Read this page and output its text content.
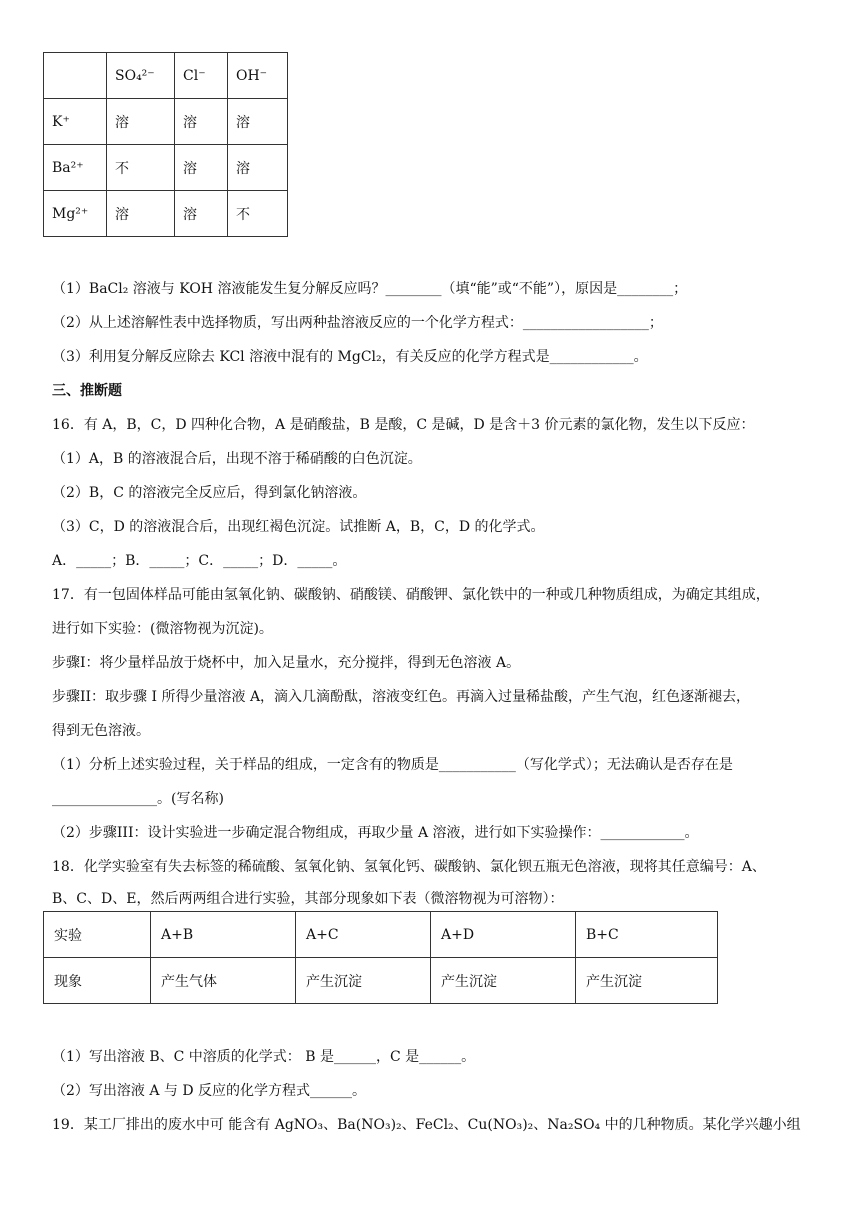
	SO₄²⁻	Cl⁻	OH⁻
K⁺	溶	溶	溶
Ba²⁺	不	溶	溶
Mg²⁺	溶	溶	不
（1）BaCl₂ 溶液与 KOH 溶液能发生复分解反应吗？________（填“能”或“不能”），原因是________；
（2）从上述溶解性表中选择物质，写出两种盐溶液反应的一个化学方程式：__________________；
（3）利用复分解反应除去 KCl 溶液中混有的 MgCl₂，有关反应的化学方程式是____________。
三、推断题
16．有 A，B，C，D 四种化合物，A 是硝酸盐，B 是酸，C 是碱，D 是含＋3 价元素的氯化物，发生以下反应：
（1）A，B 的溶液混合后，出现不溶于稀硝酸的白色沉淀。
（2）B，C 的溶液完全反应后，得到氯化钠溶液。
（3）C，D 的溶液混合后，出现红褐色沉淀。试推断 A，B，C，D 的化学式。
A．_____；B．_____；C．_____；D．_____。
17．有一包固体样品可能由氢氧化钠、碳酸钠、硝酸镁、硝酸钾、氯化铁中的一种或几种物质组成，为确定其组成，
进行如下实验：(微溶物视为沉淀)。
步骤I：将少量样品放于烧杯中，加入足量水，充分搅拌，得到无色溶液 A。
步骤II：取步骤 I 所得少量溶液 A，滴入几滴酚酞，溶液变红色。再滴入过量稀盐酸，产生气泡，红色逐渐褪去，
得到无色溶液。
（1）分析上述实验过程，关于样品的组成，一定含有的物质是___________（写化学式）；无法确认是否存在是
_______________。(写名称)
（2）步骤III：设计实验进一步确定混合物组成，再取少量 A 溶液，进行如下实验操作：____________。
18．化学实验室有失去标签的稀硫酸、氢氧化钠、氢氧化钙、碳酸钠、氯化钡五瓶无色溶液，现将其任意编号：A、
B、C、D、E，然后两两组合进行实验，其部分现象如下表（微溶物视为可溶物）：
实验	A+B	A+C	A+D	B+C
现象	产生气体	产生沉淀	产生沉淀	产生沉淀
（1）写出溶液 B、C 中溶质的化学式： B 是______，C 是______。
（2）写出溶液 A 与 D 反应的化学方程式______。
19．某工厂排出的废水中可 能含有 AgNO₃、Ba(NO₃)₂、FeCl₂、Cu(NO₃)₂、Na₂SO₄ 中的几种物质。某化学兴趣小组
